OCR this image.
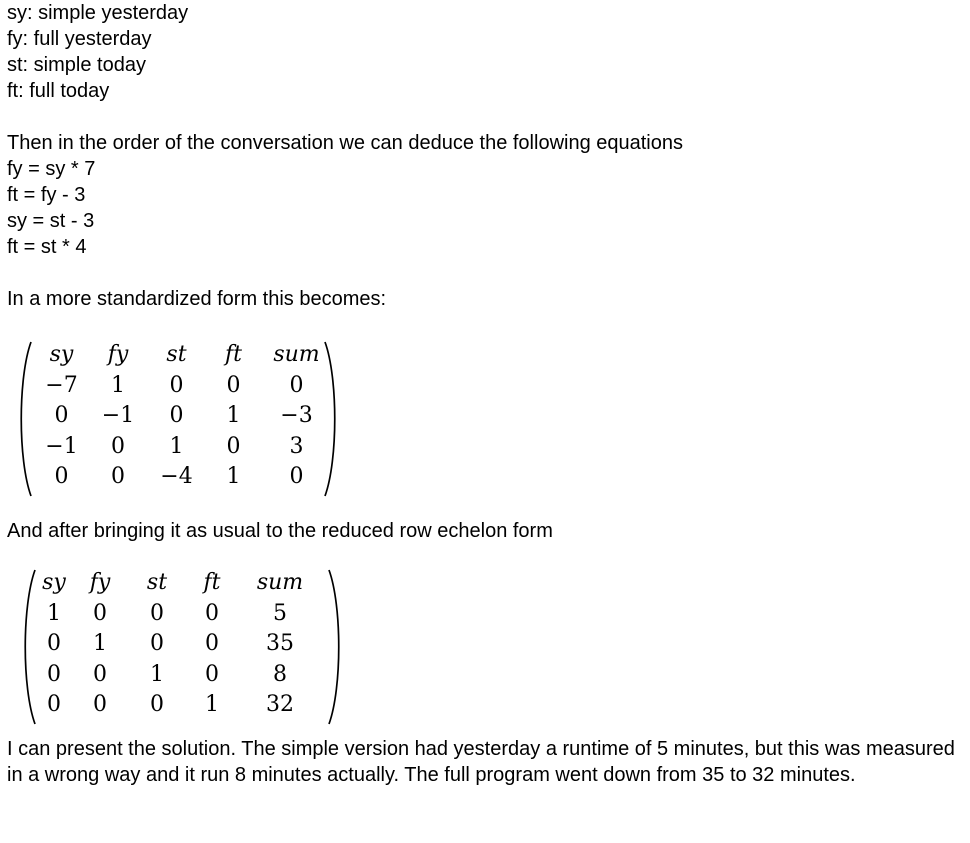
sy: simple yesterday
fy: full yesterday
st: simple today
ft: full today
Then in the order of the conversation we can deduce the following equations
fy = sy * 7
ft = fy - 3
sy = st - 3
ft = st * 4
In a more standardized form this becomes:
sy	fy	st	ft	sum
−7	1	0	0	0
0	−1	0	1	−3
−1	0	1	0	3
0	0	−4	1	0
And after bringing it as usual to the reduced row echelon form
sy	fy	st	ft	sum
1	0	0	0	5
0	1	0	0	35
0	0	1	0	8
0	0	0	1	32
I can present the solution. The simple version had yesterday a runtime of 5 minutes, but this was measured in a wrong way and it run 8 minutes actually. The full program went down from 35 to 32 minutes.
